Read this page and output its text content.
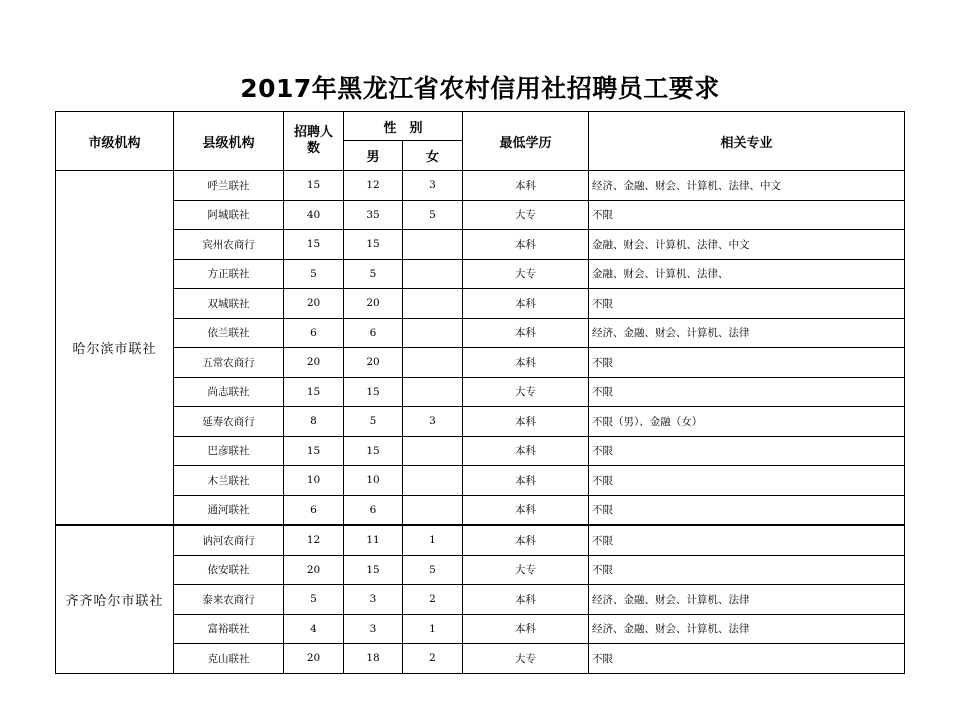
2017年黑龙江省农村信用社招聘员工要求
市级机构	县级机构	招聘人数	性　别		最低学历	相关专业
			男	女		
哈尔滨市联社	呼兰联社	15	12	3	本科	经济、金融、财会、计算机、法律、中文
	阿城联社	40	35	5	大专	不限
	宾州农商行	15	15		本科	金融、财会、计算机、法律、中文
	方正联社	5	5		大专	金融、财会、计算机、法律、
	双城联社	20	20		本科	不限
	依兰联社	6	6		本科	经济、金融、财会、计算机、法律
	五常农商行	20	20		本科	不限
	尚志联社	15	15		大专	不限
	延寿农商行	8	5	3	本科	不限（男）、金融（女）
	巴彦联社	15	15		本科	不限
	木兰联社	10	10		本科	不限
	通河联社	6	6		本科	不限
齐齐哈尔市联社	讷河农商行	12	11	1	本科	不限
	依安联社	20	15	5	大专	不限
	泰来农商行	5	3	2	本科	经济、金融、财会、计算机、法律
	富裕联社	4	3	1	本科	经济、金融、财会、计算机、法律
	克山联社	20	18	2	大专	不限
